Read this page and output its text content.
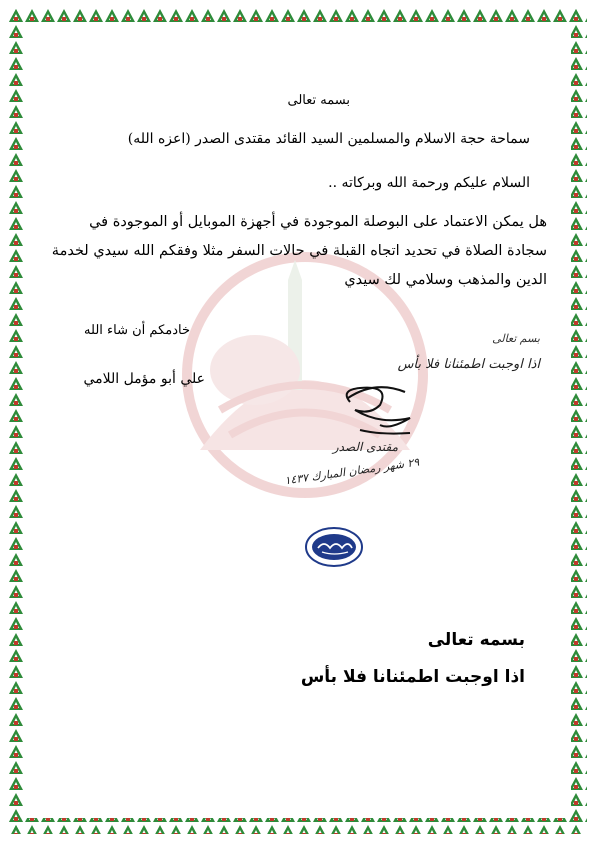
بسمه تعالى
سماحة حجة الاسلام والمسلمين السيد القائد مقتدى الصدر (اعزه الله)
السلام عليكم ورحمة الله وبركاته ..
هل يمكن الاعتماد على البوصلة الموجودة في أجهزة الموبايل أو الموجودة في
سجادة الصلاة في تحديد اتجاه القبلة في حالات السفر مثلا وفقكم الله سيدي لخدمة
الدين والمذهب وسلامي لك سيدي
خادمكم أن شاء الله
علي أبو مؤمل اللامي
بسم تعالى
اذا اوجبت اطمئنانا فلا بأس
مقتدى الصدر
٢٩ شهر رمضان المبارك ١٤٣٧
بسمه تعالى
اذا اوجبت اطمئنانا فلا بأس
